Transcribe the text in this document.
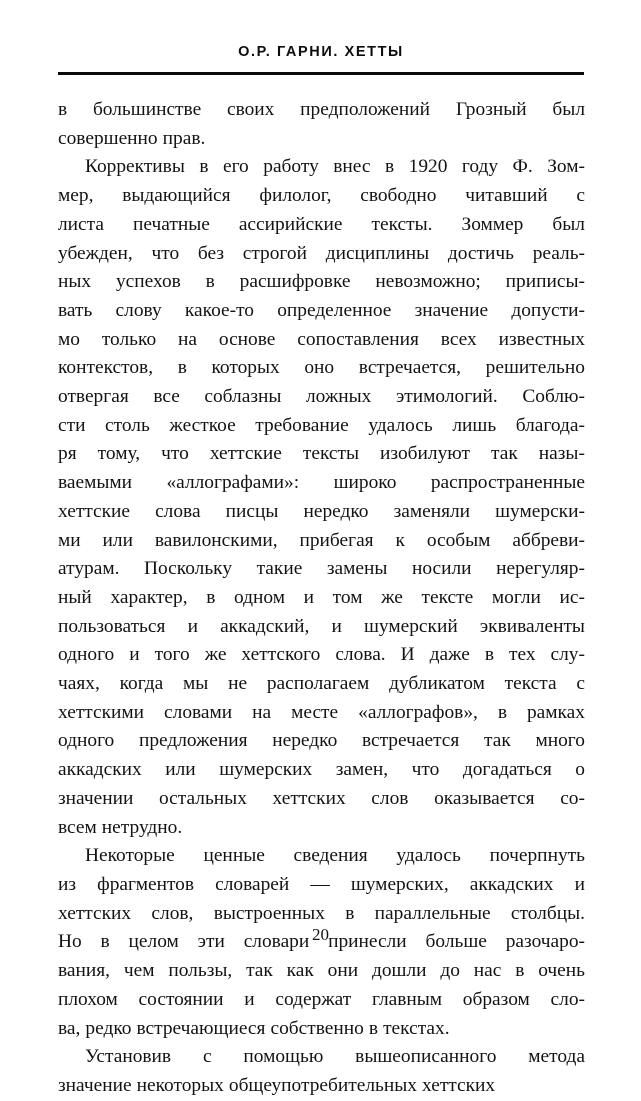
О.Р. ГАРНИ. ХЕТТЫ

в большинстве своих предположений Грозный был
совершенно прав.

Коррективы в его работу внес в 1920 году Ф. Зом-
мер, выдающийся филолог, свободно читавший с
листа печатные ассирийские тексты. Зоммер был
убежден, что без строгой дисциплины достичь реаль-
ных успехов в расшифровке невозможно; приписы-
вать слову какое-то определенное значение допусти-
мо только на основе сопоставления всех известных
контекстов, в которых оно встречается, решительно
отвергая все соблазны ложных этимологий. Соблю-
сти столь жесткое требование удалось лишь благода-
ря тому, что хеттские тексты изобилуют так назы-
ваемыми «аллографами»: широко распространенные
хеттские слова писцы нередко заменяли шумерски-
ми или вавилонскими, прибегая к особым аббреви-
атурам. Поскольку такие замены носили нерегуляр-
ный характер, в одном и том же тексте могли ис-
пользоваться и аккадский, и шумерский эквиваленты
одного и того же хеттского слова. И даже в тех слу-
чаях, когда мы не располагаем дубликатом текста с
хеттскими словами на месте «аллографов», в рамках
одного предложения нередко встречается так много
аккадских или шумерских замен, что догадаться о
значении остальных хеттских слов оказывается со-
всем нетрудно.

Некоторые ценные сведения удалось почерпнуть
из фрагментов словарей — шумерских, аккадских и
хеттских слов, выстроенных в параллельные столбцы.
Но в целом эти словари принесли больше разочаро-
вания, чем пользы, так как они дошли до нас в очень
плохом состоянии и содержат главным образом сло-
ва, редко встречающиеся собственно в текстах.

Установив с помощью вышеописанного метода
значение некоторых общеупотребительных хеттских

20
